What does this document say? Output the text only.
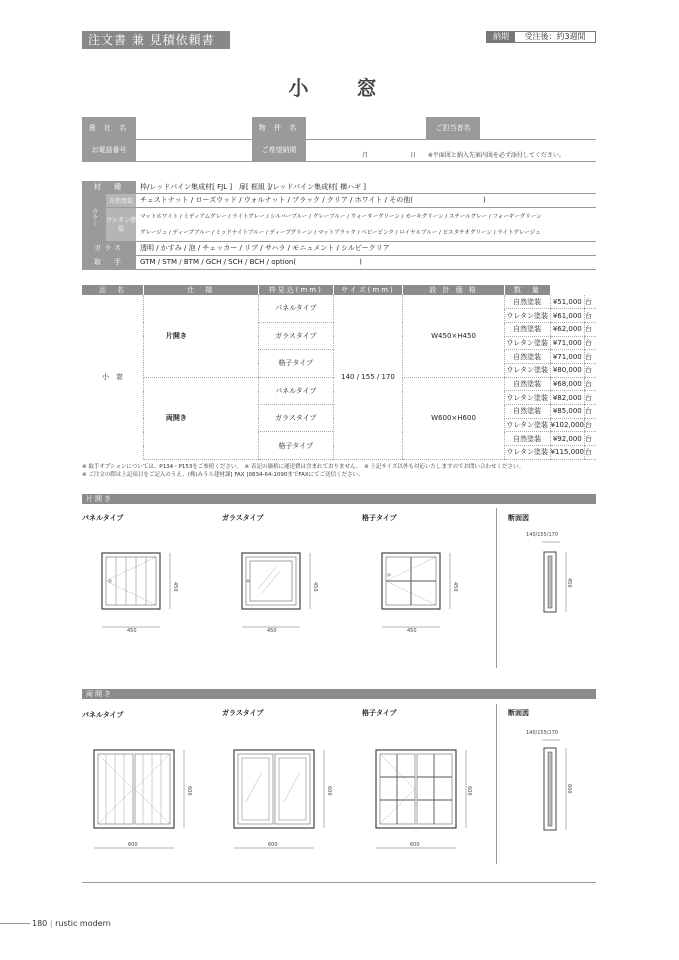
注文書 兼 見積依頼書	納期	受注後：約3週間
小　窓
貴 社 名		物 件 名		ご担当者名	
お電話番号		ご希望納期	月 日 ※平面図と納入先案内図を必ず添付してください。		
材　種		枠/レッドパイン集成材[ FJL ]　扉[ 框組 ]/レッドパイン集成材[ 横ハギ ]
カラー	自然塗装	チェストナット / ローズウッド / ウォルナット / ブラック / クリア / ホワイト / その他(　　　　　　　　　　)
	ウレタン塗装	マットホワイト / ミディアムグレー / ライトグレー / シルバーブルー / グレーブルー / ウォーターグリーン / カーキグリーン / スチールグレー / フォーギーグリーン
		グレージュ / ディープブルー / ミッドナイトブルー / ディープグリーン / マットブラック / ベビーピンク / ロイヤルブルー / ピスタチオグリーン / ライトグレージュ
ガラス		透明 / かすみ / 泡 / チェッカー / リブ / サハラ / モニュメント / シルビークリア
取　手		GTM / STM / BTM / GCH / SCH / BCH / option(　　　　　　　　　)
品　名	仕　様	枠見込(mm)	サイズ(mm)	設 計 価 格	数　量		
小　窓	片開き	パネルタイプ	140 / 155 / 170	W450×H450	自然塗装	¥51,000	台
					ウレタン塗装	¥61,000	台
		ガラスタイプ			自然塗装	¥62,000	台
					ウレタン塗装	¥71,000	台
		格子タイプ			自然塗装	¥71,000	台
					ウレタン塗装	¥80,000	台
	両開き	パネルタイプ		W600×H600	自然塗装	¥68,000	台
					ウレタン塗装	¥82,000	台
		ガラスタイプ			自然塗装	¥85,000	台
					ウレタン塗装	¥102,000	台
		格子タイプ			自然塗装	¥92,000	台
					ウレタン塗装	¥115,000	台
※ 取手オプションについては、P134・P153をご参照ください。　※ 表記の価格に運送費は含まれておりません。　※ 上記サイズ以外も対応いたしますのでお問い合わせください。
※ ご注文の際は上記項目をご記入のうえ、(株)みうら建材課[ FAX ]0834-64-1090までFAXにてご送信ください。
片開き
パネルタイプ	ガラスタイプ	格子タイプ	断面図
450
450
450
450
450
450
140/155/170
450
両開き
パネルタイプ	ガラスタイプ	格子タイプ	断面図
600
600
600
600
600
600
140/155/170
600
180 | rustic modern
